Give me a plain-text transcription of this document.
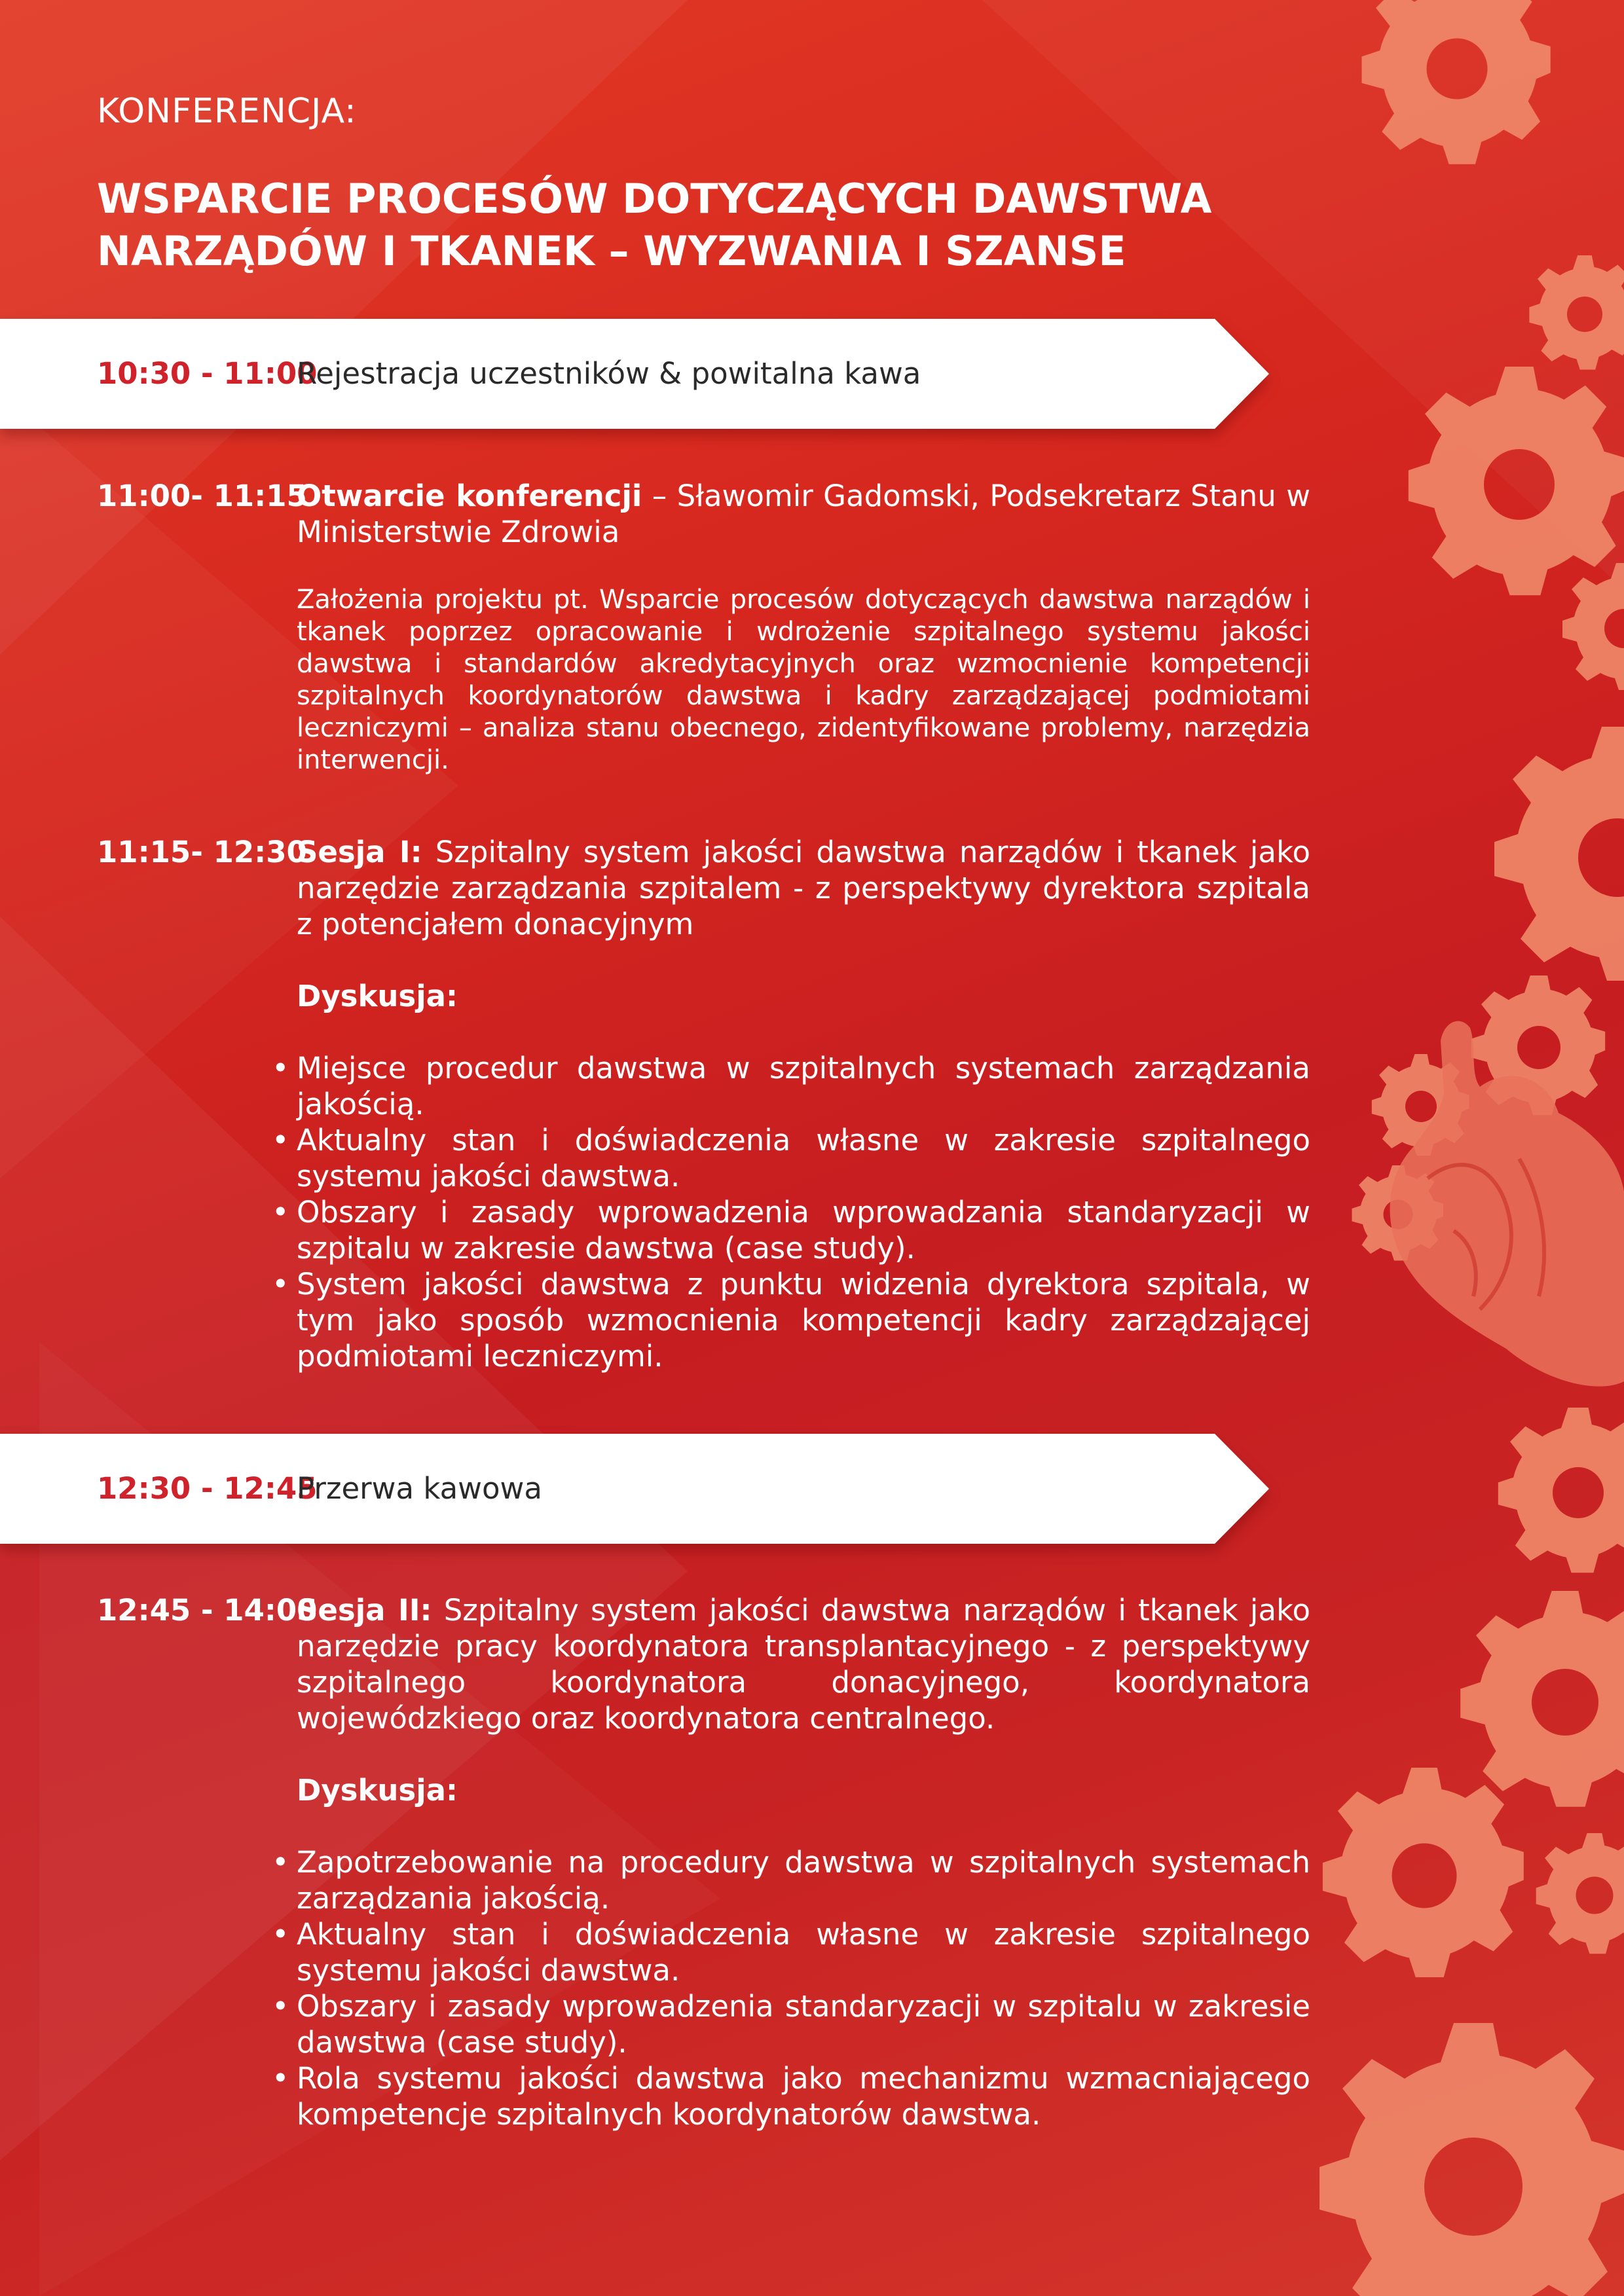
KONFERENCJA:
WSPARCIE PROCESÓW DOTYCZĄCYCH DAWSTWA
NARZĄDÓW I TKANEK – WYZWANIA I SZANSE
10:30 - 11:00
Rejestracja uczestników & powitalna kawa
11:00- 11:15

Otwarcie konferencji – Sławomir Gadomski, Podsekretarz Stanu w Ministerstwie Zdrowia

Założenia projektu pt. Wsparcie procesów dotyczących dawstwa narządów i tkanek poprzez opracowanie i wdrożenie szpitalnego systemu jakości dawstwa i standardów akredytacyjnych oraz wzmocnienie kompetencji szpitalnych koordynatorów dawstwa i kadry zarządzającej podmiotami leczniczymi – analiza stanu obecnego, zidentyfikowane problemy, narzędzia interwencji.

11:15- 12:30

Sesja I: Szpitalny system jakości dawstwa narządów i tkanek jako narzędzie zarządzania szpitalem - z perspektywy dyrektora szpitala z potencjałem donacyjnym

Dyskusja:

• Miejsce procedur dawstwa w szpitalnych systemach zarządzania jakością.
• Aktualny stan i doświadczenia własne w zakresie szpitalnego systemu jakości dawstwa.
• Obszary i zasady wprowadzenia wprowadzania standaryzacji w szpitalu w zakresie dawstwa (case study).
• System jakości dawstwa z punktu widzenia dyrektora szpitala, w tym jako sposób wzmocnienia kompetencji kadry zarządzającej podmiotami leczniczymi.
12:30 - 12:45
Przerwa kawowa
12:45 - 14:00

Sesja II: Szpitalny system jakości dawstwa narządów i tkanek jako narzędzie pracy koordynatora transplantacyjnego - z perspektywy szpitalnego koordynatora donacyjnego, koordynatora wojewódzkiego oraz koordynatora centralnego.

Dyskusja:

• Zapotrzebowanie na procedury dawstwa w szpitalnych systemach zarządzania jakością.
• Aktualny stan i doświadczenia własne w zakresie szpitalnego systemu jakości dawstwa.
• Obszary i zasady wprowadzenia standaryzacji w szpitalu w zakresie dawstwa (case study).
• Rola systemu jakości dawstwa jako mechanizmu wzmacniającego kompetencje szpitalnych koordynatorów dawstwa.
